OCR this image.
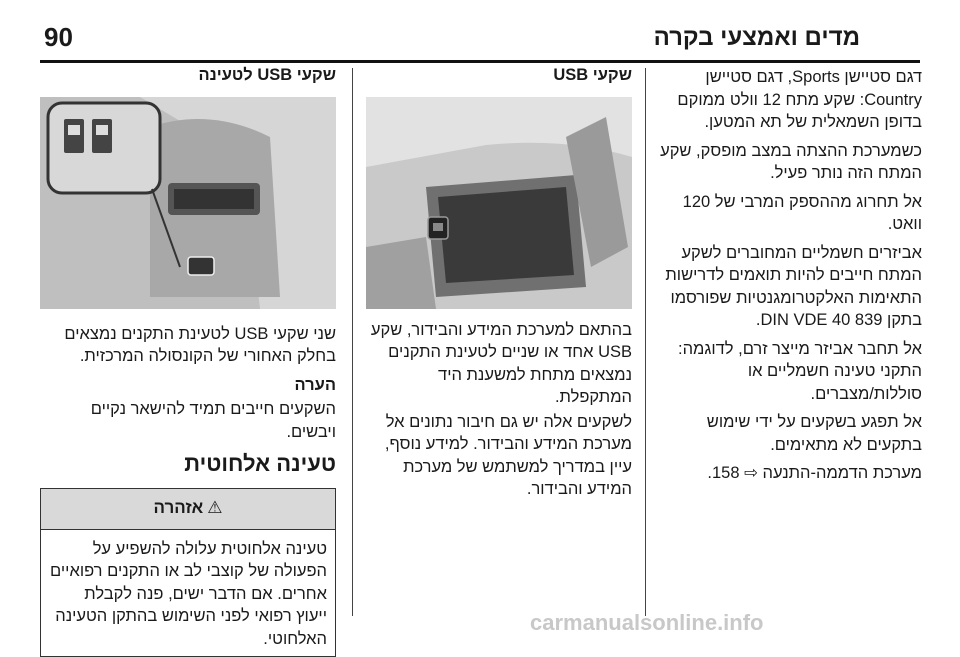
90	מדים ואמצעי בקרה

דגם סטיישן Sports, דגם סטיישן Country: שקע מתח 12 וולט ממוקם בדופן השמאלית של תא המטען.

כשמערכת ההצתה במצב מופסק, שקע המתח הזה נותר פעיל.

אל תחרוג מההספק המרבי של 120 וואט.

אביזרים חשמליים המחוברים לשקע המתח חייבים להיות תואמים לדרישות התאימות האלקטרומגנטיות שפורסמו בתקן DIN VDE 40 839.

אל תחבר אביזר מייצר זרם, לדוגמה: התקני טעינה חשמליים או סוללות/מצברים.

אל תפגע בשקעים על ידי שימוש בתקעים לא מתאימים.

מערכת הדממה-התנעה ⇨ 158.

שקעי USB

בהתאם למערכת המידע והבידור, שקע USB אחד או שניים לטעינת התקנים נמצאים מתחת למשענת היד המתקפלת.

לשקעים אלה יש גם חיבור נתונים אל מערכת המידע והבידור. למידע נוסף, עיין במדריך למשתמש של מערכת המידע והבידור.

שקעי USB לטעינה

שני שקעי USB לטעינת התקנים נמצאים בחלק האחורי של הקונסולה המרכזית.

הערה

השקעים חייבים תמיד להישאר נקיים ויבשים.

טעינה אלחוטית
⚠
אזהרה
טעינה אלחוטית עלולה להשפיע על הפעולה של קוצבי לב או התקנים רפואיים אחרים. אם הדבר ישים, פנה לקבלת ייעוץ רפואי לפני השימוש בהתקן הטעינה האלחוטי.
carmanualsonline.info
